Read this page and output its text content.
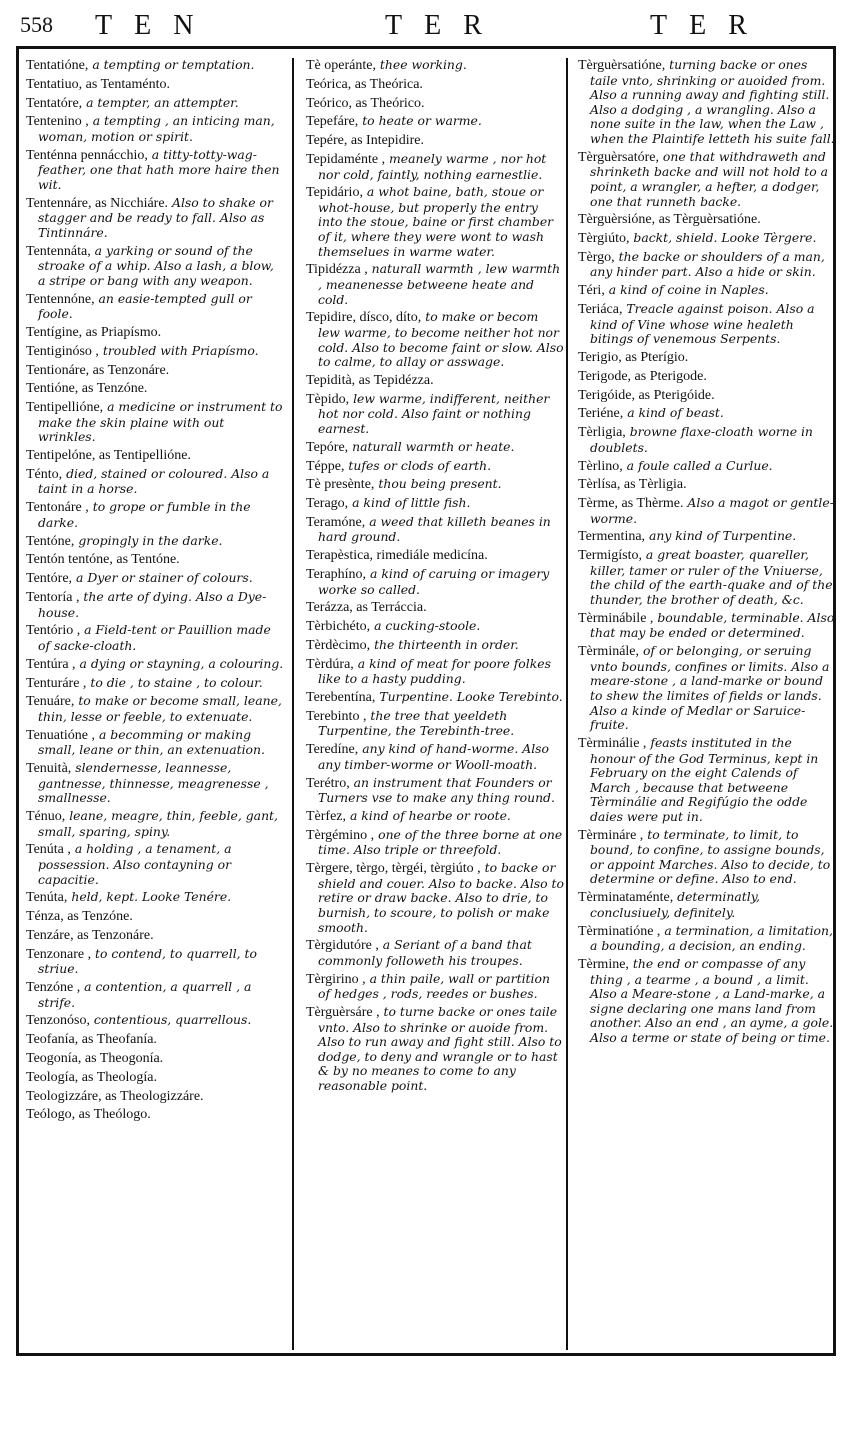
558 TEN	TER	TER
Tentatióne, a tempting or temptation.
Tentatiuo, as Tentaménto.
Tentatóre, a tempter, an attempter.
Tentenino , a tempting , an inticing man, woman, motion or spirit.
Tenténna pennácchio, a titty-totty-wag-feather, one that hath more haire then wit.
Tentennáre, as Nicchiáre. Also to shake or stagger and be ready to fall. Also as Tintinnáre.
Tentennáta, a yarking or sound of the stroake of a whip. Also a lash, a blow, a stripe or bang with any weapon.
Tentennóne, an easie-tempted gull or foole.
Tentígine, as Priapísmo.
Tentiginóso , troubled with Priapísmo.
Tentionáre, as Tenzonáre.
Tentióne, as Tenzóne.
Tentipellióne, a medicine or instrument to make the skin plaine with out wrinkles.
Tentipelóne, as Tentipellióne.
Ténto, died, stained or coloured. Also a taint in a horse.
Tentonáre , to grope or fumble in the darke.
Tentóne, gropingly in the darke.
Tentón tentóne, as Tentóne.
Tentóre, a Dyer or stainer of colours.
Tentoría , the arte of dying. Also a Dye-house.
Tentório , a Field-tent or Pauillion made of sacke-cloath.
Tentúra , a dying or stayning, a colouring.
Tenturáre , to die , to staine , to colour.
Tenuáre, to make or become small, leane, thin, lesse or feeble, to extenuate.
Tenuatióne , a becomming or making small, leane or thin, an extenuation.
Tenuità, slendernesse, leannesse, gantnesse, thinnesse, meagrenesse , smallnesse.
Ténuo, leane, meagre, thin, feeble, gant, small, sparing, spiny.
Tenúta , a holding , a tenament, a possession. Also contayning or capacitie.
Tenúta, held, kept. Looke Tenére.
Ténza, as Tenzóne.
Tenzáre, as Tenzonáre.
Tenzonare , to contend, to quarrell, to striue.
Tenzóne , a contention, a quarrell , a strife.
Tenzonóso, contentious, quarrellous.
Teofanía, as Theofanía.
Teogonía, as Theogonía.
Teología, as Theología.
Teologizzáre, as Theologizzáre.
Teólogo, as Theólogo.
Tè operánte, thee working.
Teórica, as Theórica.
Teórico, as Theórico.
Tepefáre, to heate or warme.
Tepére, as Intepidire.
Tepidaménte , meanely warme , nor hot nor cold, faintly, nothing earnestlie.
Tepidário, a whot baine, bath, stoue or whot-house, but properly the entry into the stoue, baine or first chamber of it, where they were wont to wash themselues in warme water.
Tipidézza , naturall warmth , lew warmth , meanenesse betweene heate and cold.
Tepidire, dísco, díto, to make or becom lew warme, to become neither hot nor cold. Also to become faint or slow. Also to calme, to allay or asswage.
Tepidità, as Tepidézza.
Tèpido, lew warme, indifferent, neither hot nor cold. Also faint or nothing earnest.
Tepóre, naturall warmth or heate.
Téppe, tufes or clods of earth.
Tè presènte, thou being present.
Terago, a kind of little fish.
Teramóne, a weed that killeth beanes in hard ground.
Terapèstica, rimediále medicína.
Teraphíno, a kind of caruing or imagery worke so called.
Terázza, as Terráccia.
Tèrbichéto, a cucking-stoole.
Tèrdècimo, the thirteenth in order.
Tèrdúra, a kind of meat for poore folkes like to a hasty pudding.
Terebentína, Turpentine. Looke Terebinto.
Terebinto , the tree that yeeldeth Turpentine, the Terebinth-tree.
Teredíne, any kind of hand-worme. Also any timber-worme or Wooll-moath.
Terétro, an instrument that Founders or Turners vse to make any thing round.
Tèrfez, a kind of hearbe or roote.
Tèrgémino , one of the three borne at one time. Also triple or threefold.
Tèrgere, tèrgo, tèrgéi, tèrgiúto , to backe or shield and couer. Also to backe. Also to retire or draw backe. Also to drie, to burnish, to scoure, to polish or make smooth.
Tèrgidutóre , a Seriant of a band that commonly followeth his troupes.
Tèrgirino , a thin paile, wall or partition of hedges , rods, reedes or bushes.
Tèrguèrsáre , to turne backe or ones taile vnto. Also to shrinke or auoide from. Also to run away and fight still. Also to dodge, to deny and wrangle or to hast & by no meanes to come to any reasonable point.
Tèrguèrsatióne, turning backe or ones taile vnto, shrinking or auoided from. Also a running away and fighting still. Also a dodging , a wrangling. Also a none suite in the law, when the Law , when the Plaintife letteth his suite fall.
Tèrguèrsatóre, one that withdraweth and shrinketh backe and will not hold to a point, a wrangler, a hefter, a dodger, one that runneth backe.
Tèrguèrsióne, as Tèrguèrsatióne.
Tèrgiúto, backt, shield. Looke Tèrgere.
Tèrgo, the backe or shoulders of a man, any hinder part. Also a hide or skin.
Téri, a kind of coine in Naples.
Teriáca, Treacle against poison. Also a kind of Vine whose wine healeth bitings of venemous Serpents.
Terigio, as Pterígio.
Terigode, as Pterigode.
Terigóide, as Pterigóide.
Teriéne, a kind of beast.
Tèrligia, browne flaxe-cloath worne in doublets.
Tèrlino, a foule called a Curlue.
Tèrlísa, as Tèrligia.
Tèrme, as Thèrme. Also a magot or gentle-worme.
Termentina, any kind of Turpentine.
Termigísto, a great boaster, quareller, killer, tamer or ruler of the Vniuerse, the child of the earth-quake and of the thunder, the brother of death, &c.
Tèrminábile , boundable, terminable. Also that may be ended or determined.
Tèrminále, of or belonging, or seruing vnto bounds, confines or limits. Also a meare-stone , a land-marke or bound to shew the limites of fields or lands. Also a kinde of Medlar or Saruice-fruite.
Tèrminálie , feasts instituted in the honour of the God Terminus, kept in February on the eight Calends of March , because that betweene Tèrminálie and Regifúgio the odde daies were put in.
Tèrmináre , to terminate, to limit, to bound, to confine, to assigne bounds, or appoint Marches. Also to decide, to determine or define. Also to end.
Tèrminataménte, determinatly, conclusiuely, definitely.
Tèrminatióne , a termination, a limitation, a bounding, a decision, an ending.
Tèrmine, the end or compasse of any thing , a tearme , a bound , a limit. Also a Meare-stone , a Land-marke, a signe declaring one mans land from another. Also an end , an ayme, a gole. Also a terme or state of being or time.
